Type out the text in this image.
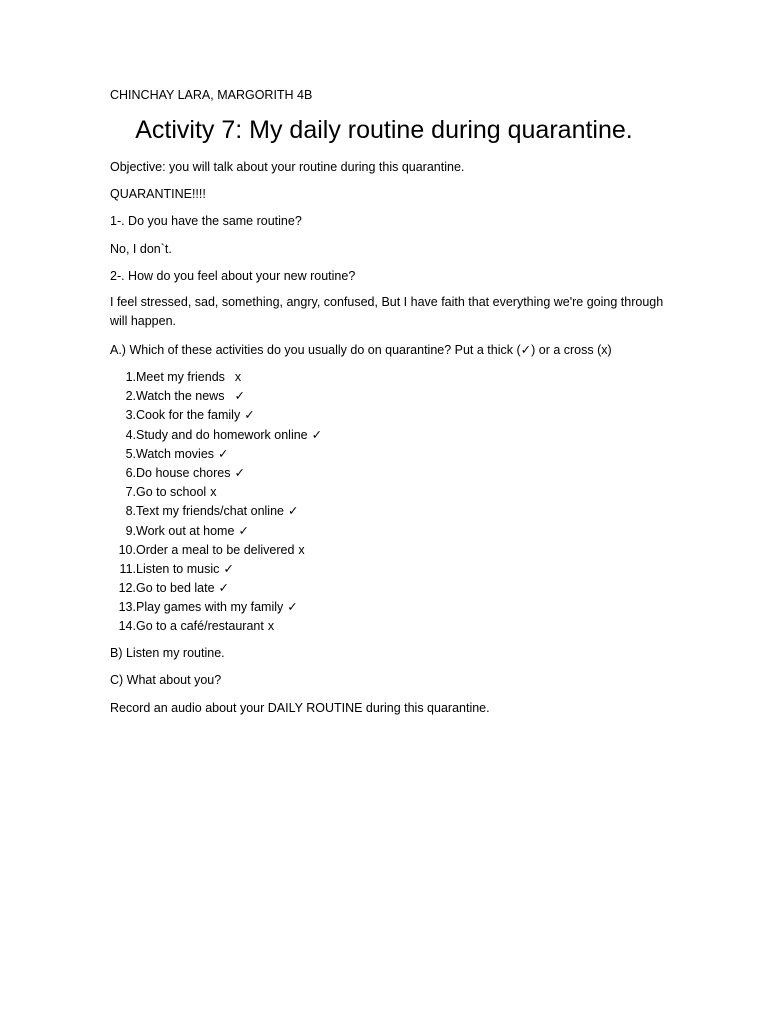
CHINCHAY LARA, MARGORITH 4B
Activity 7: My daily routine during quarantine.
Objective: you will talk about your routine during this quarantine.
QUARANTINE!!!!
1-. Do you have the same routine?
No, I don`t.
2-. How do you feel about your new routine?
I feel stressed, sad, something, angry, confused, But I have faith that everything we're going through will happen.
A.) Which of these activities do you usually do on quarantine? Put a thick (✓) or a cross (x)
1. Meet my friends x
2. Watch the news ✓
3. Cook for the family ✓
4. Study and do homework online ✓
5. Watch movies ✓
6. Do house chores ✓
7. Go to school x
8. Text my friends/chat online ✓
9. Work out at home ✓
10. Order a meal to be delivered x
11. Listen to music ✓
12. Go to bed late ✓
13. Play games with my family ✓
14. Go to a café/restaurant x
B) Listen my routine.
C) What about you?
Record an audio about your DAILY ROUTINE during this quarantine.
